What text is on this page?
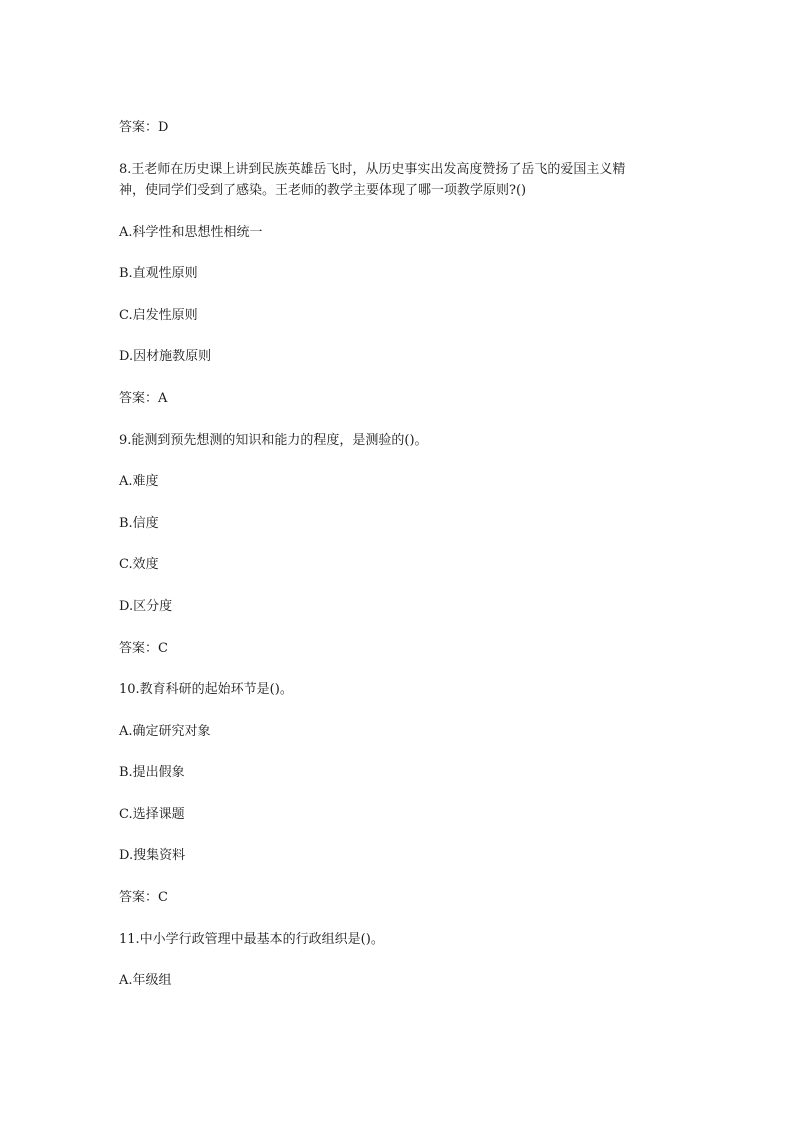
答案：D
8.王老师在历史课上讲到民族英雄岳飞时，从历史事实出发高度赞扬了岳飞的爱国主义精
神，使同学们受到了感染。王老师的教学主要体现了哪一项教学原则?()
A.科学性和思想性相统一
B.直观性原则
C.启发性原则
D.因材施教原则
答案：A
9.能测到预先想测的知识和能力的程度，是测验的()。
A.难度
B.信度
C.效度
D.区分度
答案：C
10.教育科研的起始环节是()。
A.确定研究对象
B.提出假象
C.选择课题
D.搜集资料
答案：C
11.中小学行政管理中最基本的行政组织是()。
A.年级组
